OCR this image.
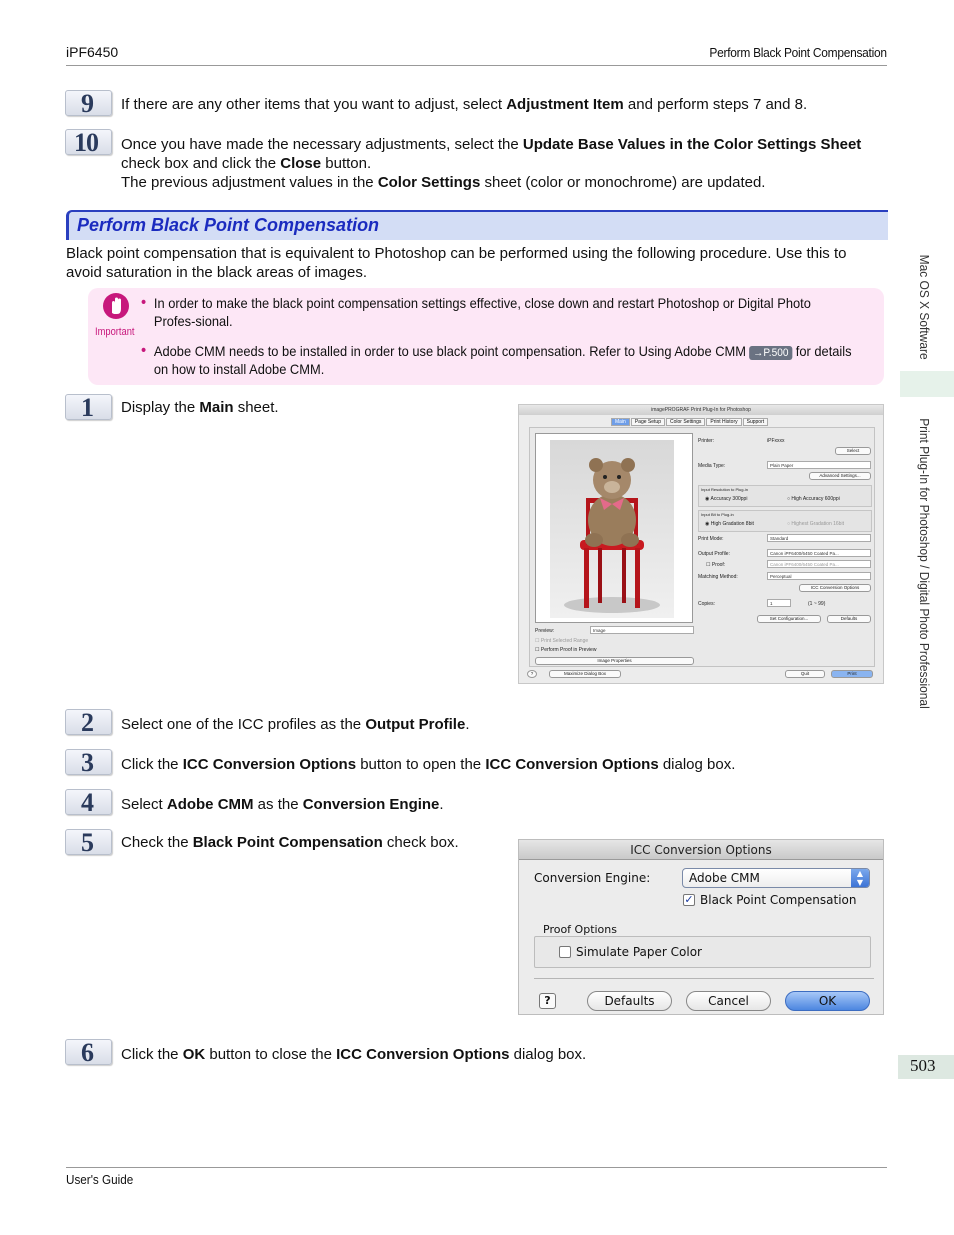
iPF6450	Perform Black Point Compensation
9	If there are any other items that you want to adjust, select Adjustment Item and perform steps 7 and 8.
10	Once you have made the necessary adjustments, select the Update Base Values in the Color Settings Sheet check box and click the Close button.
The previous adjustment values in the Color Settings sheet (color or monochrome) are updated.
Perform Black Point Compensation
Black point compensation that is equivalent to Photoshop can be performed using the following procedure. Use this to avoid saturation in the black areas of images.
Important
• In order to make the black point compensation settings effective, close down and restart Photoshop or Digital Photo Profes-sional.
• Adobe CMM needs to be installed in order to use black point compensation. Refer to Using Adobe CMM →P.500 for details on how to install Adobe CMM.
1	Display the Main sheet.	imagePROGRAF Print Plug-In for Photoshop
Main	Page Setup	Color Settings	Print History	Support
Printer:	iPFxxxx
Select
Media Type:	Plain Paper
Advanced Settings...
Input Resolution to Plug-in
◉ Accuracy 300ppi	○ High Accuracy 600ppi
Input Bit to Plug-in
◉ High Gradation 8bit	○ Highest Gradation 16bit
Print Mode:	Standard
Output Profile:	Canon iPF6400/6450 Coated Pa...
☐ Proof:	Canon iPF6400/6450 Coated Pa...
Matching Method:	Perceptual
ICC Conversion Options
Copies:	1	(1 ~ 99)
Set Configuration...	Defaults
Preview:	Image
☐ Print Selected Range
☐ Perform Proof in Preview
Image Properties
?	Maximize Dialog Box	Quit	Print
2	Select one of the ICC profiles as the Output Profile.
3	Click the ICC Conversion Options button to open the ICC Conversion Options dialog box.
4	Select Adobe CMM as the Conversion Engine.
5	Check the Black Point Compensation check box.	ICC Conversion Options
Conversion Engine:	Adobe CMM	▲
▼
✓ Black Point Compensation
Proof Options
Simulate Paper Color
?	Defaults	Cancel	OK
6	Click the OK button to close the ICC Conversion Options dialog box.
Mac OS X Software
Print Plug-In for Photoshop / Digital Photo Professional
503
User's Guide
